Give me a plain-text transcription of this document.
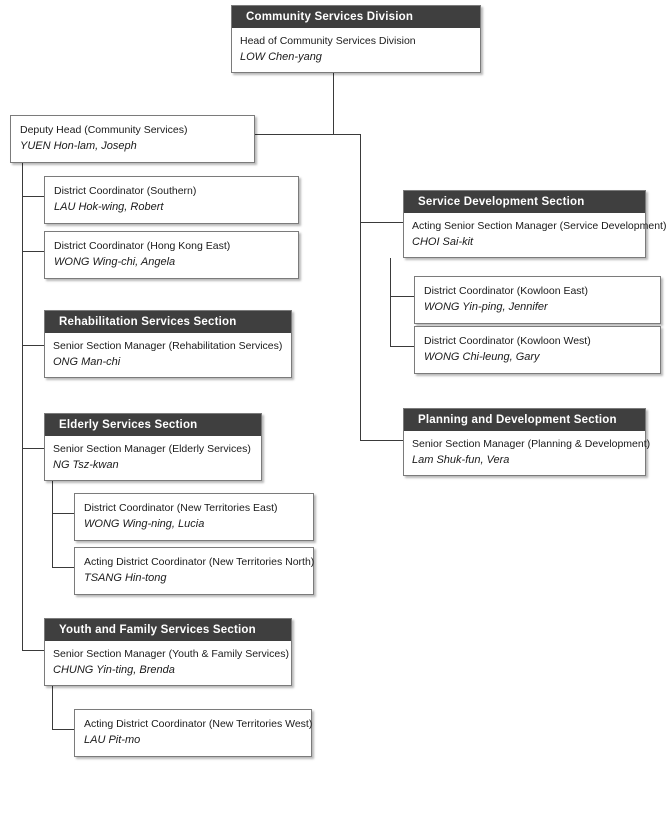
Community Services Division
Head of Community Services Division
LOW Chen-yang
Deputy Head (Community Services)
YUEN Hon-lam, Joseph
District Coordinator (Southern)
LAU Hok-wing, Robert
District Coordinator (Hong Kong East)
WONG Wing-chi, Angela
Rehabilitation Services Section
Senior Section Manager (Rehabilitation Services)
ONG Man-chi
Elderly Services Section
Senior Section Manager (Elderly Services)
NG Tsz-kwan
District Coordinator (New Territories East)
WONG Wing-ning, Lucia
Acting District Coordinator (New Territories North)
TSANG Hin-tong
Youth and Family Services Section
Senior Section Manager (Youth & Family Services)
CHUNG Yin-ting, Brenda
Acting District Coordinator (New Territories West)
LAU Pit-mo
Service Development Section
Acting Senior Section Manager (Service Development)
CHOI Sai-kit
District Coordinator (Kowloon East)
WONG Yin-ping, Jennifer
District Coordinator (Kowloon West)
WONG Chi-leung, Gary
Planning and Development Section
Senior Section Manager (Planning & Development)
Lam Shuk-fun, Vera
